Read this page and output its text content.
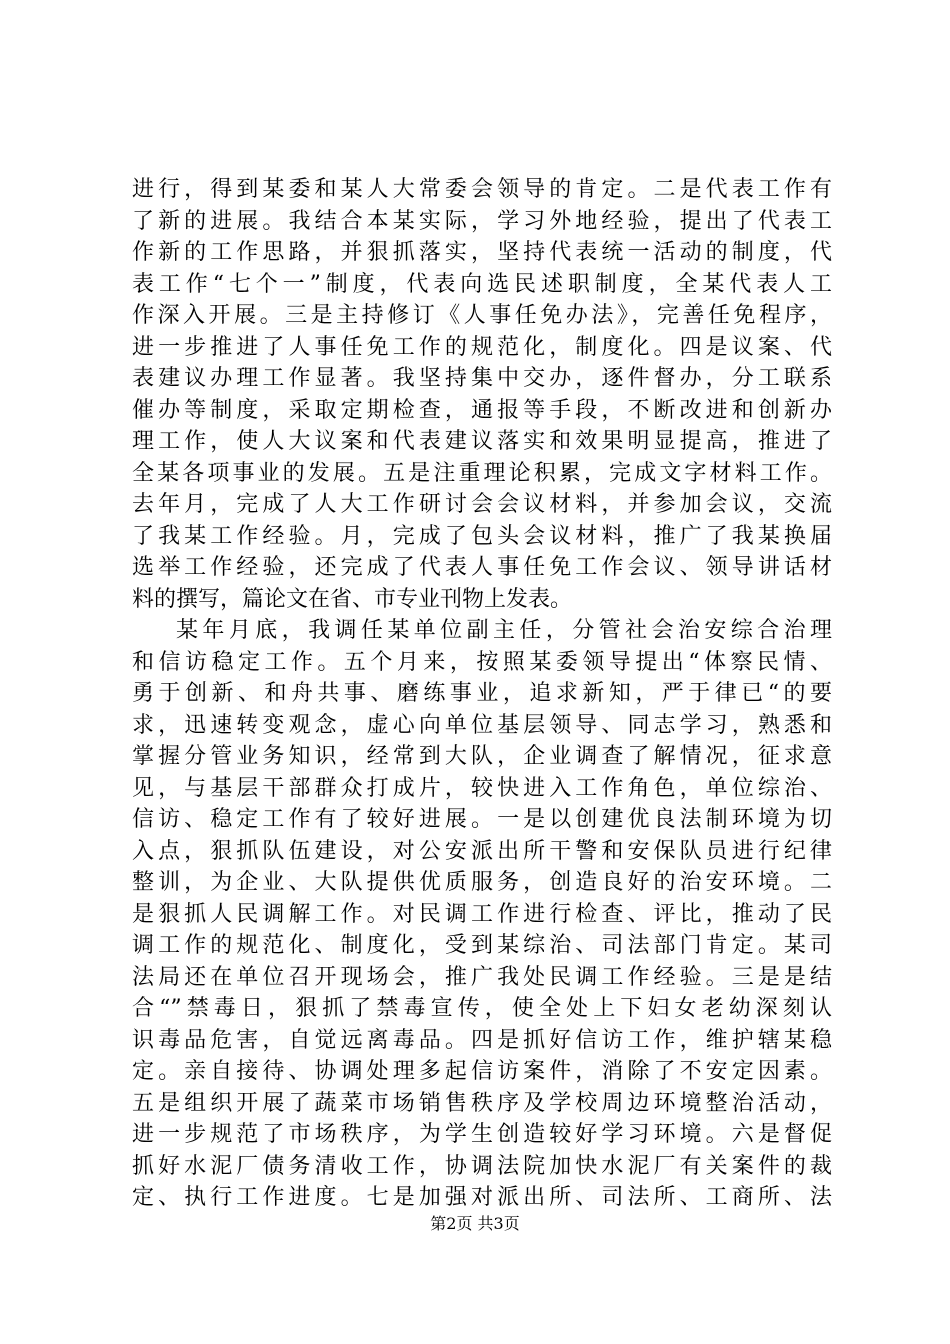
进行，得到某委和某人大常委会领导的肯定。二是代表工作有
了新的进展。我结合本某实际，学习外地经验，提出了代表工
作新的工作思路，并狠抓落实，坚持代表统一活动的制度，代
表工作“七个一”制度，代表向选民述职制度，全某代表人工
作深入开展。三是主持修订《人事任免办法》，完善任免程序，
进一步推进了人事任免工作的规范化，制度化。四是议案、代
表建议办理工作显著。我坚持集中交办，逐件督办，分工联系
催办等制度，采取定期检查，通报等手段，不断改进和创新办
理工作，使人大议案和代表建议落实和效果明显提高，推进了
全某各项事业的发展。五是注重理论积累，完成文字材料工作。
去年月，完成了人大工作研讨会会议材料，并参加会议，交流
了我某工作经验。月，完成了包头会议材料，推广了我某换届
选举工作经验，还完成了代表人事任免工作会议、领导讲话材
料的撰写，篇论文在省、市专业刊物上发表。
某年月底，我调任某单位副主任，分管社会治安综合治理
和信访稳定工作。五个月来，按照某委领导提出“体察民情、
勇于创新、和舟共事、磨练事业，追求新知，严于律已“的要
求，迅速转变观念，虚心向单位基层领导、同志学习，熟悉和
掌握分管业务知识，经常到大队，企业调查了解情况，征求意
见，与基层干部群众打成片，较快进入工作角色，单位综治、
信访、稳定工作有了较好进展。一是以创建优良法制环境为切
入点，狠抓队伍建设，对公安派出所干警和安保队员进行纪律
整训，为企业、大队提供优质服务，创造良好的治安环境。二
是狠抓人民调解工作。对民调工作进行检查、评比，推动了民
调工作的规范化、制度化，受到某综治、司法部门肯定。某司
法局还在单位召开现场会，推广我处民调工作经验。三是是结
合“”禁毒日，狠抓了禁毒宣传，使全处上下妇女老幼深刻认
识毒品危害，自觉远离毒品。四是抓好信访工作，维护辖某稳
定。亲自接待、协调处理多起信访案件，消除了不安定因素。
五是组织开展了蔬菜市场销售秩序及学校周边环境整治活动，
进一步规范了市场秩序，为学生创造较好学习环境。六是督促
抓好水泥厂债务清收工作，协调法院加快水泥厂有关案件的裁
定、执行工作进度。七是加强对派出所、司法所、工商所、法
第2页 共3页
